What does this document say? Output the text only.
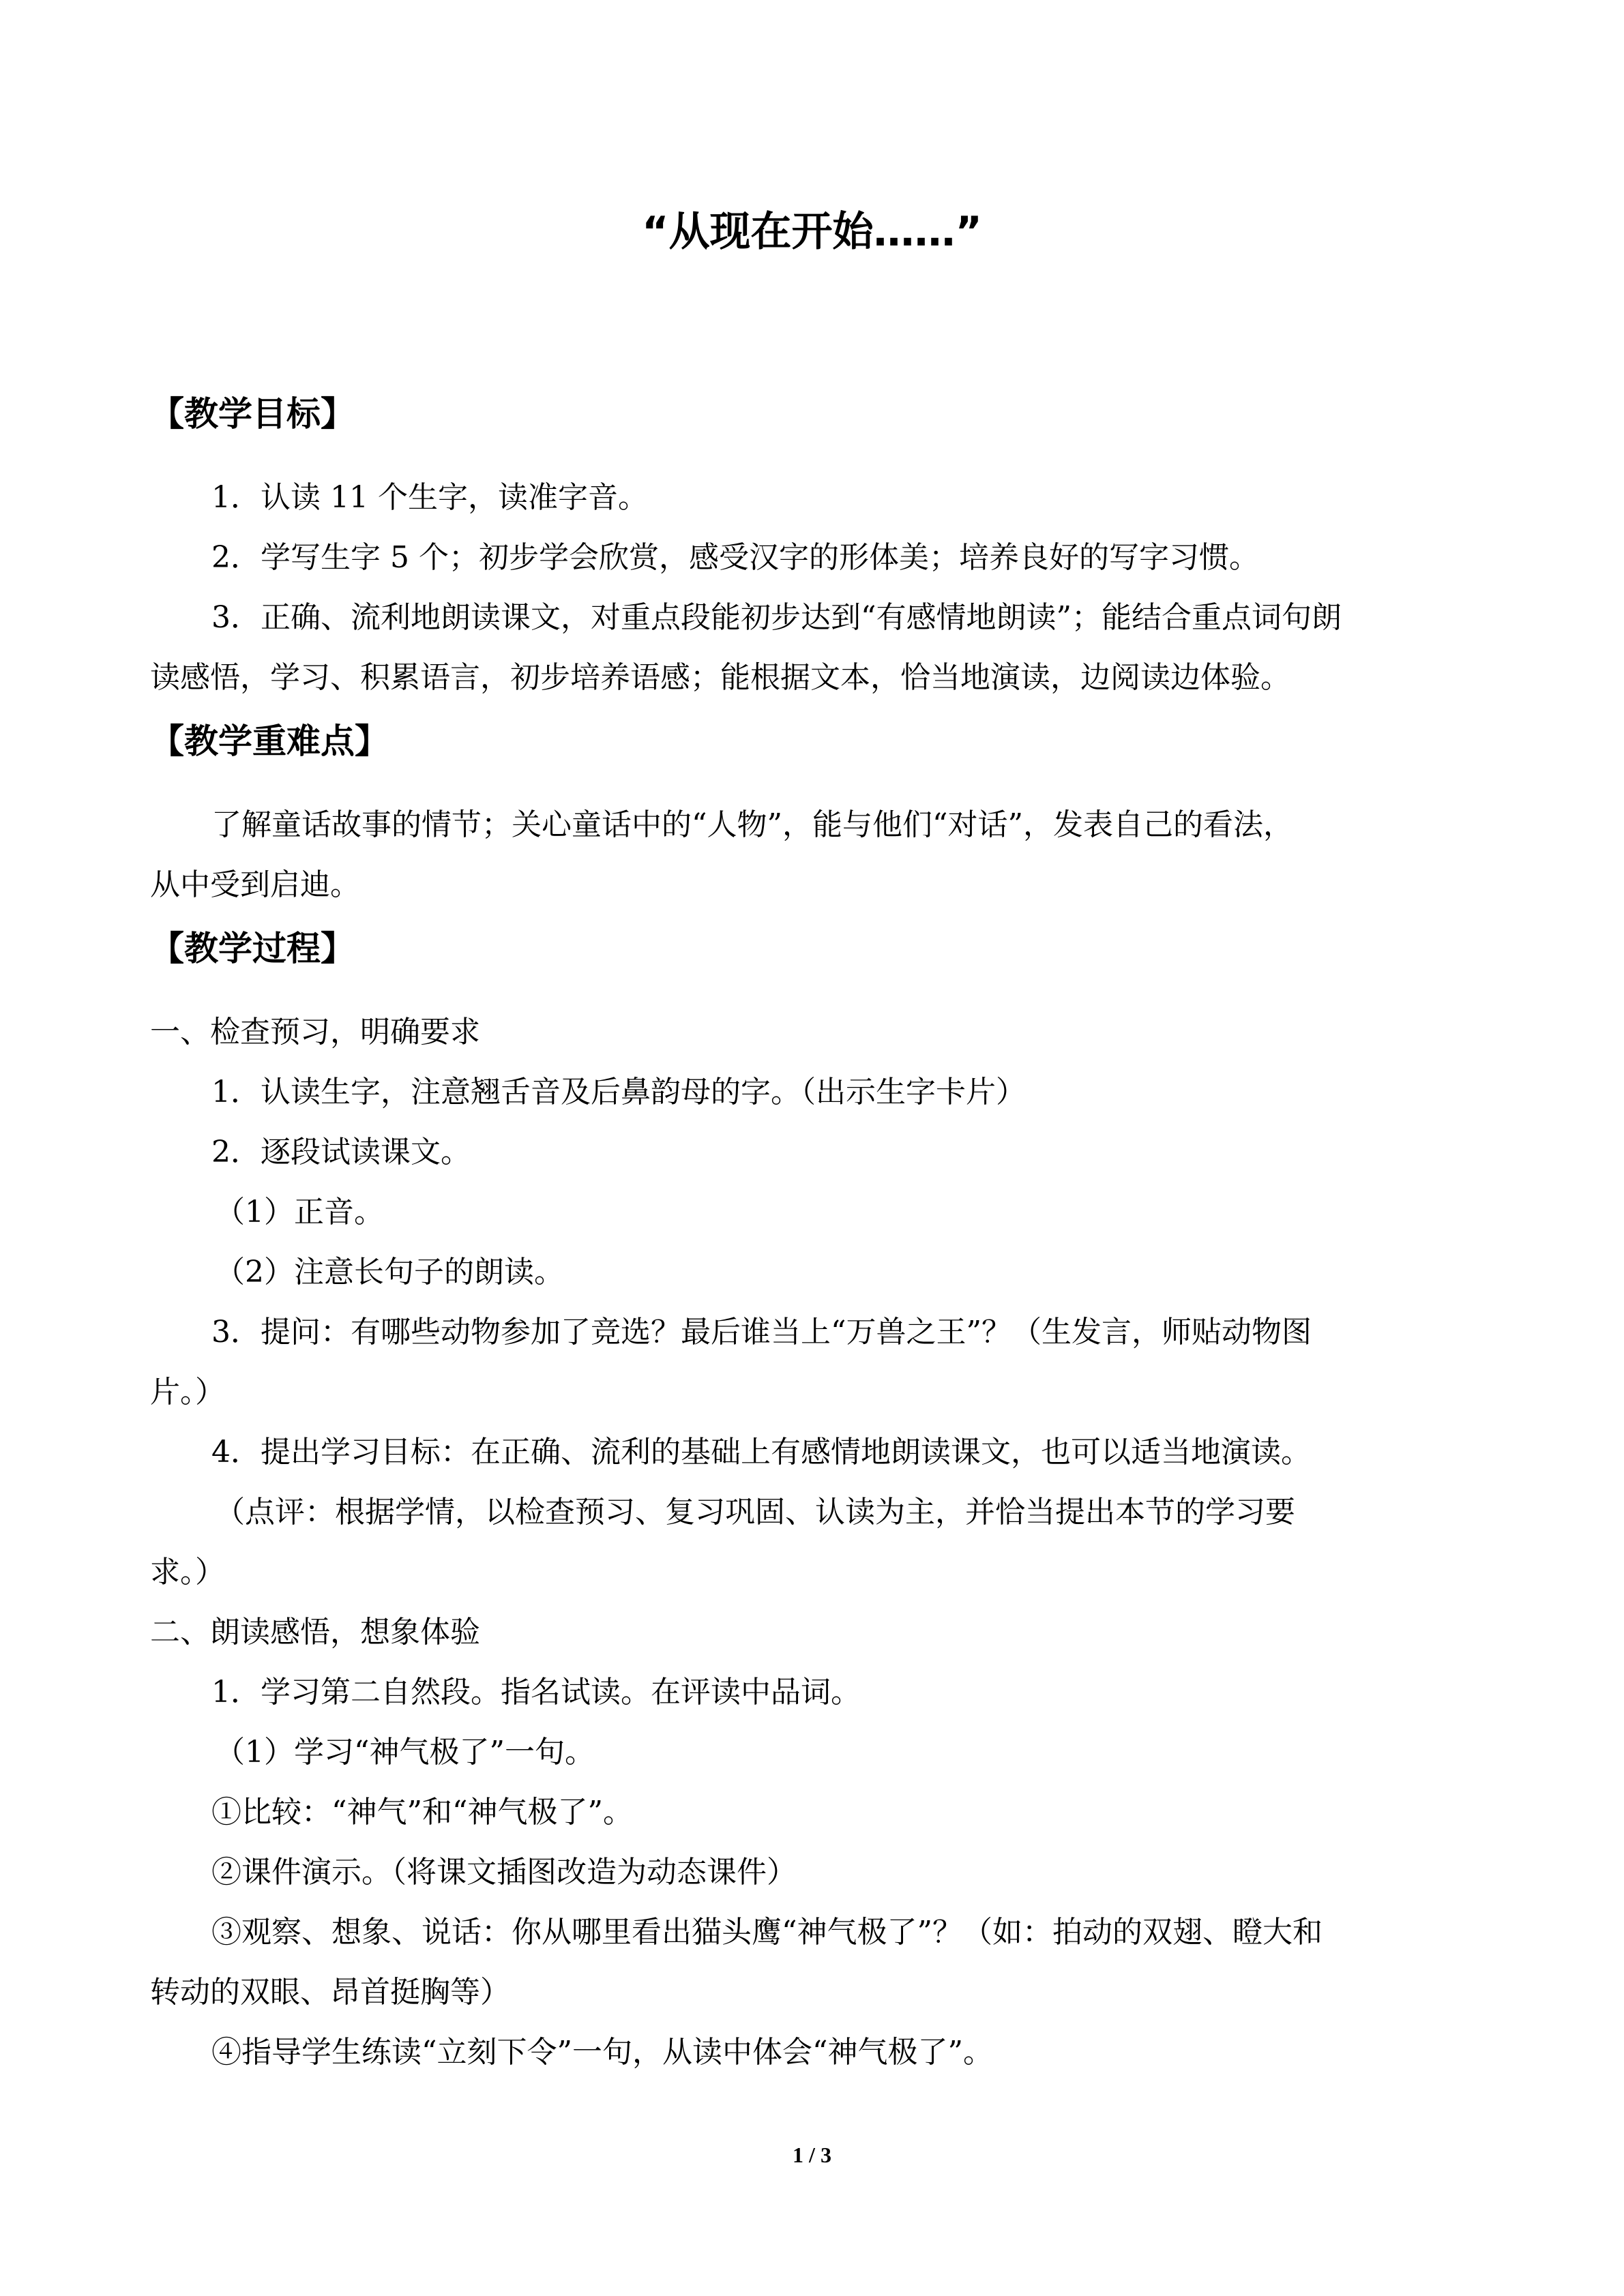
“从现在开始……”
【教学目标】
1．认读 11 个生字，读准字音。
2．学写生字 5 个；初步学会欣赏，感受汉字的形体美；培养良好的写字习惯。
3．正确、流利地朗读课文，对重点段能初步达到“有感情地朗读”；能结合重点词句朗
读感悟，学习、积累语言，初步培养语感；能根据文本，恰当地演读，边阅读边体验。
【教学重难点】
了解童话故事的情节；关心童话中的“人物”，能与他们“对话”，发表自己的看法，
从中受到启迪。
【教学过程】
一、检查预习，明确要求
1．认读生字，注意翘舌音及后鼻韵母的字。（出示生字卡片）
2．逐段试读课文。
（1）正音。
（2）注意长句子的朗读。
3．提问：有哪些动物参加了竞选？最后谁当上“万兽之王”？（生发言，师贴动物图
片。）
4．提出学习目标：在正确、流利的基础上有感情地朗读课文，也可以适当地演读。
（点评：根据学情，以检查预习、复习巩固、认读为主，并恰当提出本节的学习要
求。）
二、朗读感悟，想象体验
1．学习第二自然段。指名试读。在评读中品词。
（1）学习“神气极了”一句。
①比较：“神气”和“神气极了”。
②课件演示。（将课文插图改造为动态课件）
③观察、想象、说话：你从哪里看出猫头鹰“神气极了”？（如：拍动的双翅、瞪大和
转动的双眼、昂首挺胸等）
④指导学生练读“立刻下令”一句，从读中体会“神气极了”。
1 / 3
